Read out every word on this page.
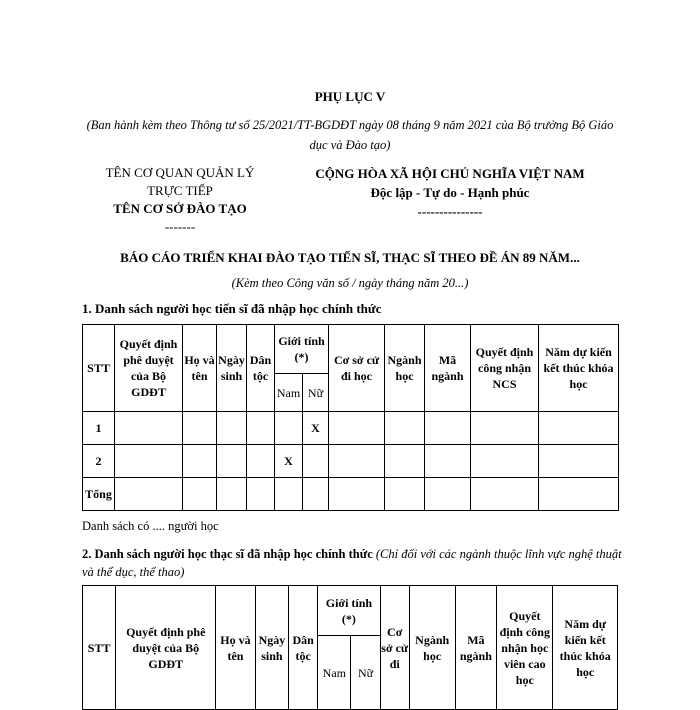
PHỤ LỤC V
(Ban hành kèm theo Thông tư số 25/2021/TT-BGDĐT ngày 08 tháng 9 năm 2021 của Bộ trưởng Bộ Giáo dục và Đào tạo)
TÊN CƠ QUAN QUẢN LÝ
TRỰC TIẾP
TÊN CƠ SỞ ĐÀO TẠO
-------
CỘNG HÒA XÃ HỘI CHỦ NGHĨA VIỆT NAM
Độc lập - Tự do - Hạnh phúc
---------------
BÁO CÁO TRIỂN KHAI ĐÀO TẠO TIẾN SĨ, THẠC SĨ THEO ĐỀ ÁN 89 NĂM...
(Kèm theo Công văn số / ngày tháng năm 20...)
1. Danh sách người học tiến sĩ đã nhập học chính thức
STT	Quyết định phê duyệt của Bộ GDĐT	Họ và tên	Ngày sinh	Dân tộc	Giới tính (*)		Cơ sở cử đi học	Ngành học	Mã ngành	Quyết định công nhận NCS	Năm dự kiến kết thúc khóa học
					Nam	Nữ					
1						X					
2					X						
Tổng											
Danh sách có .... người học
2. Danh sách người học thạc sĩ đã nhập học chính thức (Chỉ đối với các ngành thuộc lĩnh vực nghệ thuật và thể dục, thể thao)
STT	Quyết định phê duyệt của Bộ GDĐT	Họ và tên	Ngày sinh	Dân tộc	Giới tính (*)		Cơ sở cử đi	Ngành học	Mã ngành	Quyết định công nhận học viên cao học	Năm dự kiến kết thúc khóa học
					Nam	Nữ					
